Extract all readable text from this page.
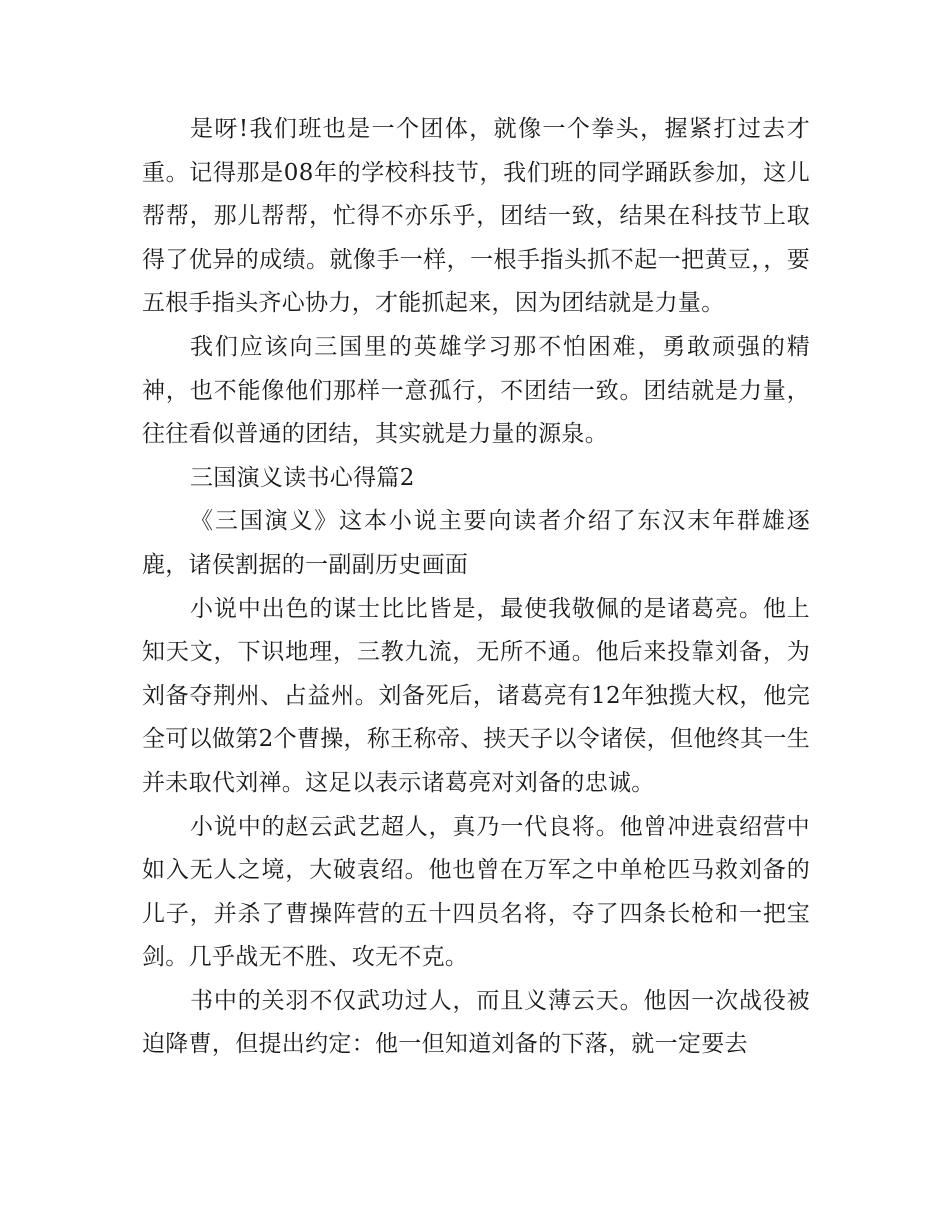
是呀!我们班也是一个团体，就像一个拳头，握紧打过去才重。记得那是08年的学校科技节，我们班的同学踊跃参加，这儿帮帮，那儿帮帮，忙得不亦乐乎，团结一致，结果在科技节上取得了优异的成绩。就像手一样，一根手指头抓不起一把黄豆，，要五根手指头齐心协力，才能抓起来，因为团结就是力量。

我们应该向三国里的英雄学习那不怕困难，勇敢顽强的精神，也不能像他们那样一意孤行，不团结一致。团结就是力量，往往看似普通的团结，其实就是力量的源泉。

三国演义读书心得篇2

《三国演义》这本小说主要向读者介绍了东汉末年群雄逐鹿，诸侯割据的一副副历史画面

小说中出色的谋士比比皆是，最使我敬佩的是诸葛亮。他上知天文，下识地理，三教九流，无所不通。他后来投靠刘备，为刘备夺荆州、占益州。刘备死后，诸葛亮有12年独揽大权，他完全可以做第2个曹操，称王称帝、挟天子以令诸侯，但他终其一生并未取代刘禅。这足以表示诸葛亮对刘备的忠诚。

小说中的赵云武艺超人，真乃一代良将。他曾冲进袁绍营中如入无人之境，大破袁绍。他也曾在万军之中单枪匹马救刘备的儿子，并杀了曹操阵营的五十四员名将，夺了四条长枪和一把宝剑。几乎战无不胜、攻无不克。

书中的关羽不仅武功过人，而且义薄云天。他因一次战役被迫降曹，但提出约定：他一但知道刘备的下落，就一定要去
